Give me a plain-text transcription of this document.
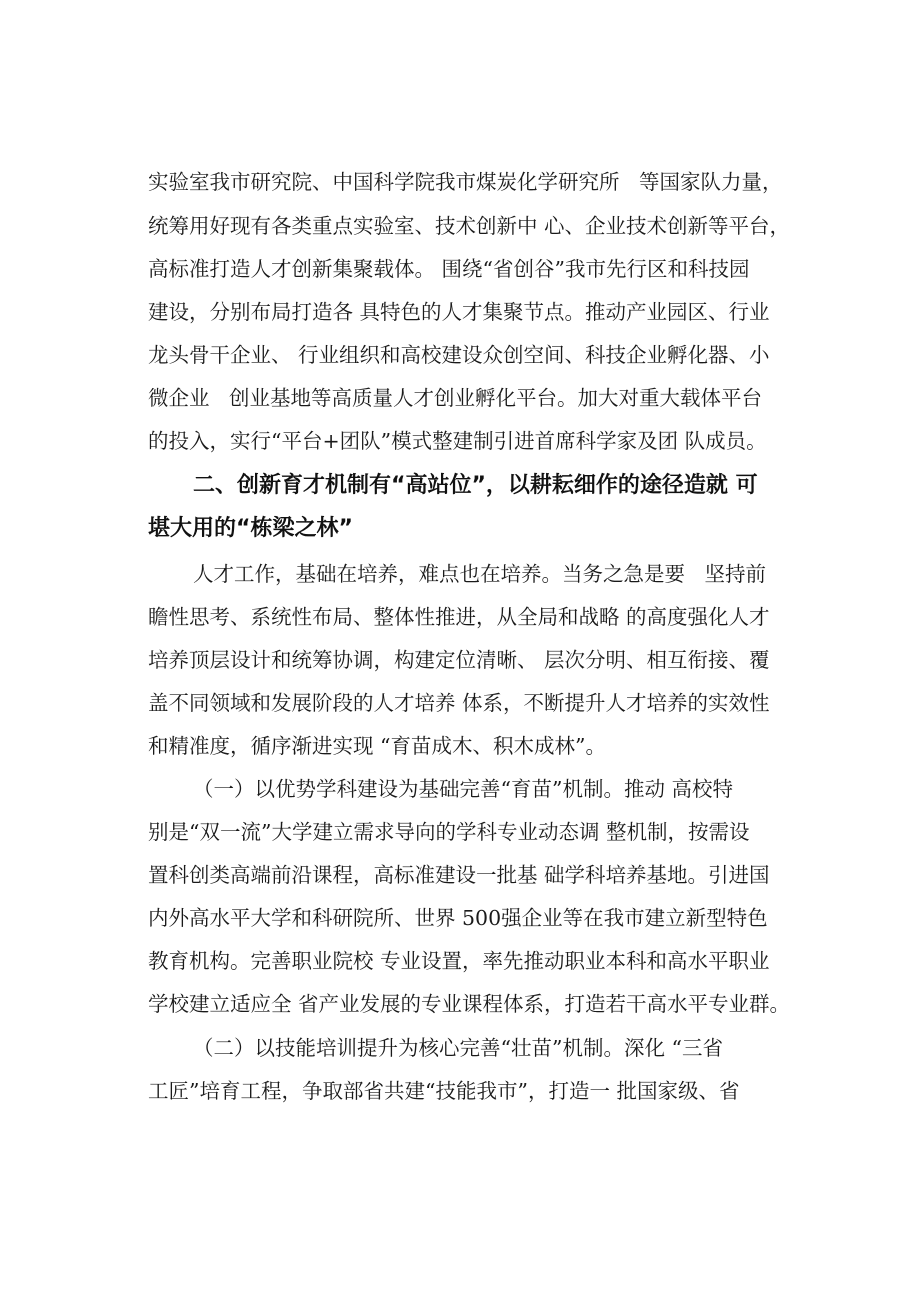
实验室我市研究院、中国科学院我市煤炭化学研究所   等国家队力量，
统筹用好现有各类重点实验室、技术创新中 心、企业技术创新等平台，
高标准打造人才创新集聚载体。 围绕“省创谷”我市先行区和科技园
建设，分别布局打造各 具特色的人才集聚节点。推动产业园区、行业
龙头骨干企业、 行业组织和高校建设众创空间、科技企业孵化器、小
微企业   创业基地等高质量人才创业孵化平台。加大对重大载体平台
的投入，实行“平台+团队”模式整建制引进首席科学家及团 队成员。
二、创新育才机制有“高站位”，以耕耘细作的途径造就 可
堪大用的“栋梁之林”
人才工作，基础在培养，难点也在培养。当务之急是要   坚持前
瞻性思考、系统性布局、整体性推进，从全局和战略 的高度强化人才
培养顶层设计和统筹协调，构建定位清晰、 层次分明、相互衔接、覆
盖不同领域和发展阶段的人才培养 体系，不断提升人才培养的实效性
和精准度，循序渐进实现 “育苗成木、积木成林”。
（一）以优势学科建设为基础完善“育苗”机制。推动 高校特
别是“双一流”大学建立需求导向的学科专业动态调 整机制，按需设
置科创类高端前沿课程，高标准建设一批基 础学科培养基地。引进国
内外高水平大学和科研院所、世界 500强企业等在我市建立新型特色
教育机构。完善职业院校 专业设置，率先推动职业本科和高水平职业
学校建立适应全 省产业发展的专业课程体系，打造若干高水平专业群。
（二）以技能培训提升为核心完善“壮苗”机制。深化 “三省
工匠”培育工程，争取部省共建“技能我市”，打造一 批国家级、省
